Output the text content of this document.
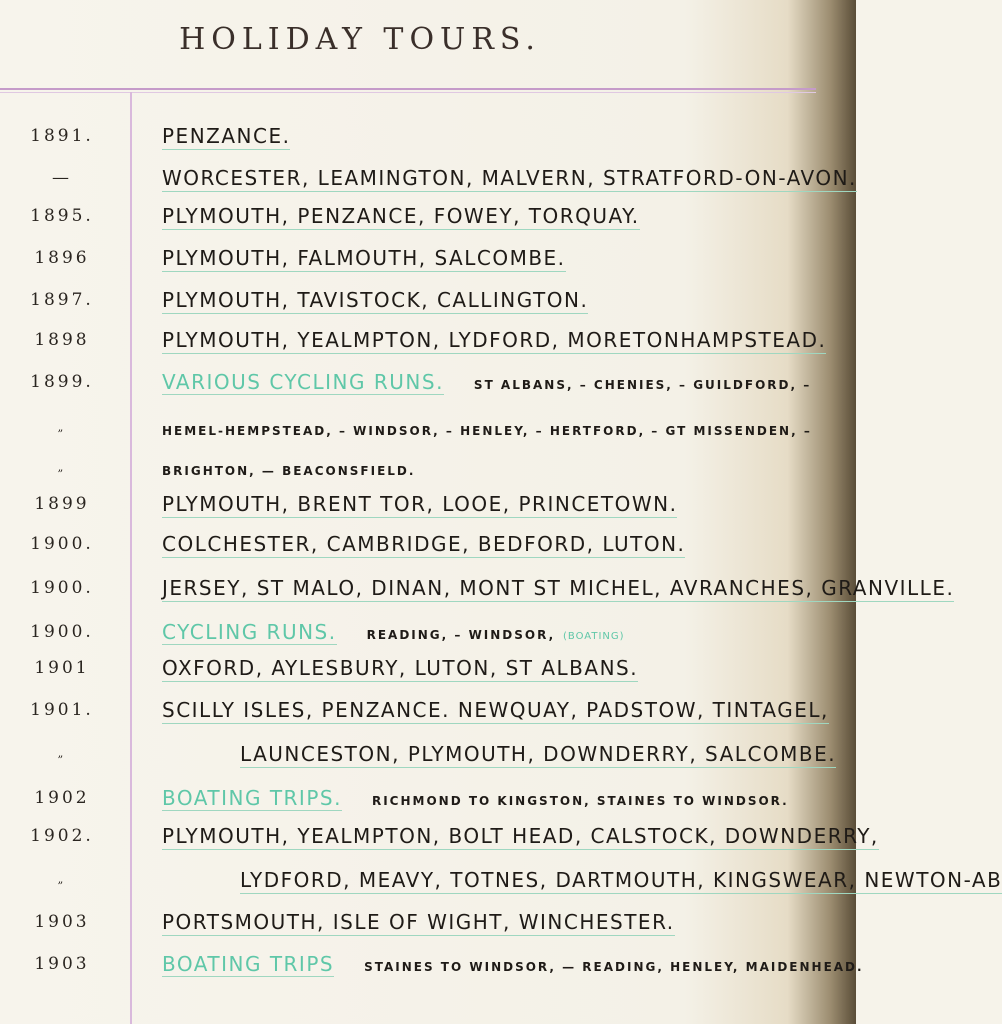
HOLIDAY TOURS.
1891.	PENZANCE.
—	WORCESTER, LEAMINGTON, MALVERN, STRATFORD-ON-AVON.
1895.	PLYMOUTH, PENZANCE, FOWEY, TORQUAY.
1896	PLYMOUTH, FALMOUTH, SALCOMBE.
1897.	PLYMOUTH, TAVISTOCK, CALLINGTON.
1898	PLYMOUTH, YEALMPTON, LYDFORD, MORETONHAMPSTEAD.
1899.	VARIOUS CYCLING RUNS.	ST ALBANS, – CHENIES, – GUILDFORD, –
„	HEMEL-HEMPSTEAD, – WINDSOR, – HENLEY, – HERTFORD, – GT MISSENDEN, –
„	BRIGHTON, — BEACONSFIELD.
1899	PLYMOUTH, BRENT TOR, LOOE, PRINCETOWN.
1900.	COLCHESTER, CAMBRIDGE, BEDFORD, LUTON.
1900.	JERSEY, ST MALO, DINAN, MONT ST MICHEL, AVRANCHES, GRANVILLE.
1900.	CYCLING RUNS.	READING, – WINDSOR, (BOATING)
1901	OXFORD, AYLESBURY, LUTON, ST ALBANS.
1901.	SCILLY ISLES, PENZANCE. NEWQUAY, PADSTOW, TINTAGEL,
„	LAUNCESTON, PLYMOUTH, DOWNDERRY, SALCOMBE.
1902	BOATING TRIPS.	RICHMOND TO KINGSTON, STAINES TO WINDSOR.
1902.	PLYMOUTH, YEALMPTON, BOLT HEAD, CALSTOCK, DOWNDERRY,
„	LYDFORD, MEAVY, TOTNES, DARTMOUTH, KINGSWEAR, NEWTON-AB
1903	PORTSMOUTH, ISLE OF WIGHT, WINCHESTER.
1903	BOATING TRIPS	STAINES TO WINDSOR, — READING, HENLEY, MAIDENHEAD.
